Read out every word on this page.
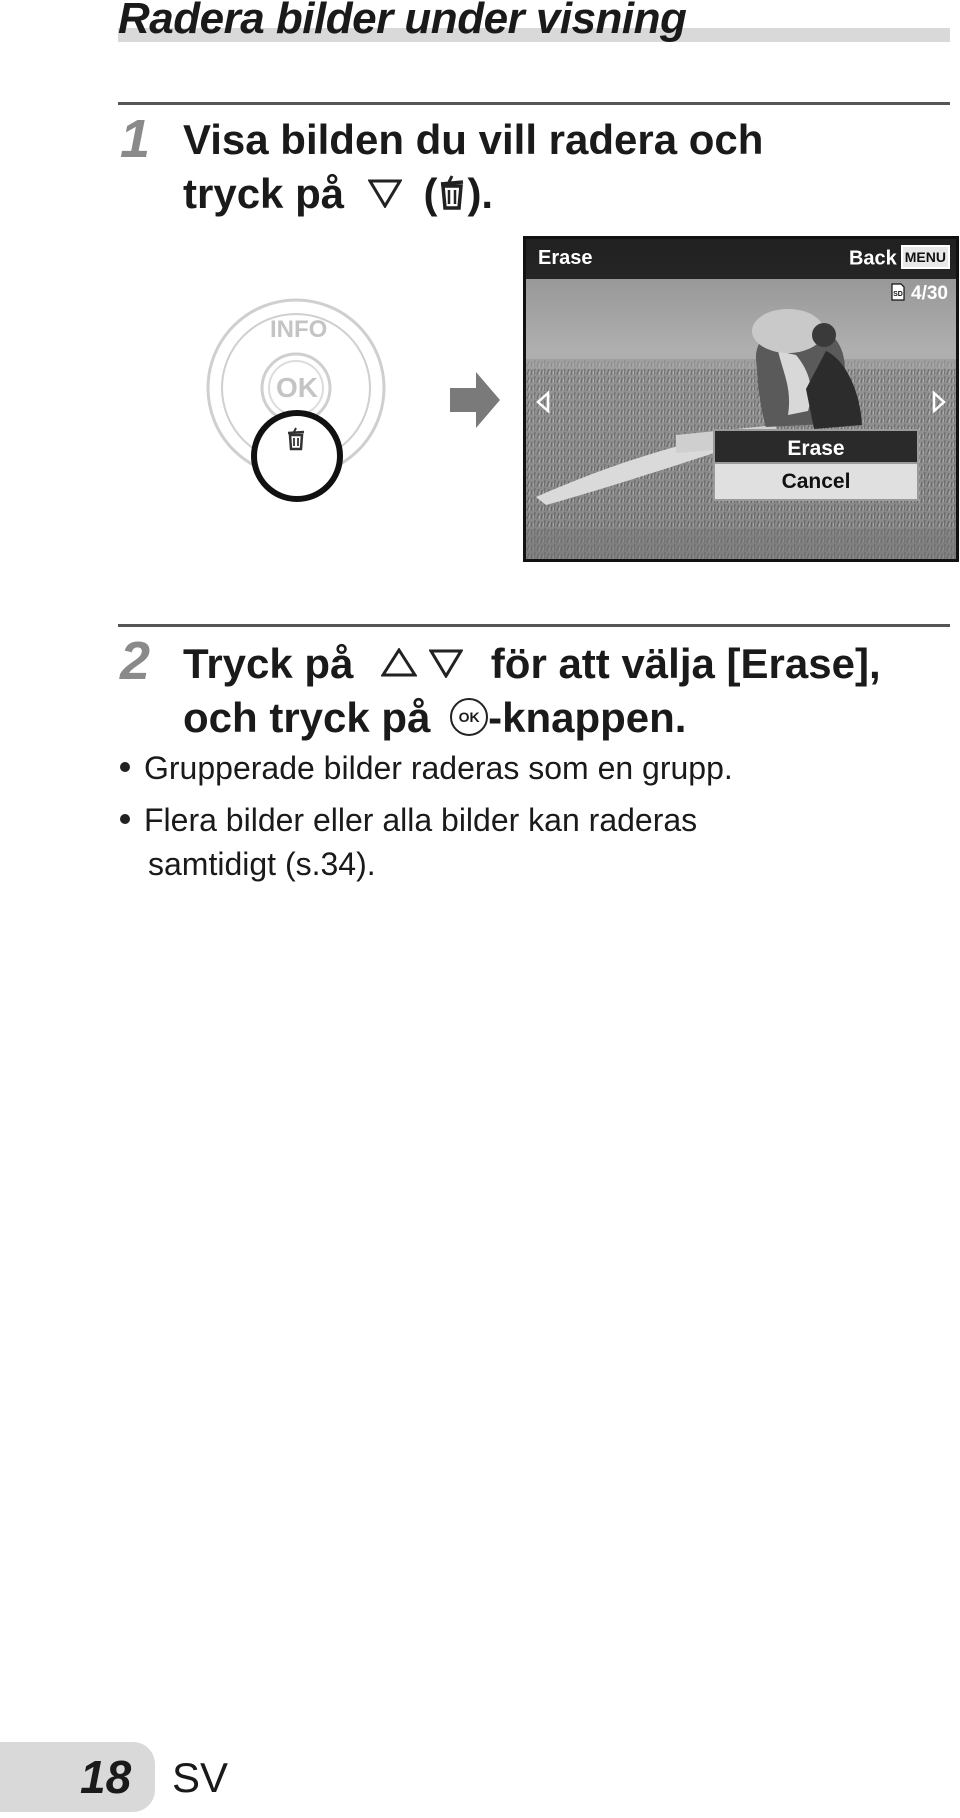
Radera bilder under visning
1 Visa bilden du vill radera och
tryck på ( ).
INFO
OK
Erase	Back MENU
SD 4/30
Erase
Cancel
2 Tryck på	för att välja [Erase],
och tryck på OK -knappen.
Grupperade bilder raderas som en grupp.
Flera bilder eller alla bilder kan raderas
samtidigt (s.34).
18 SV
